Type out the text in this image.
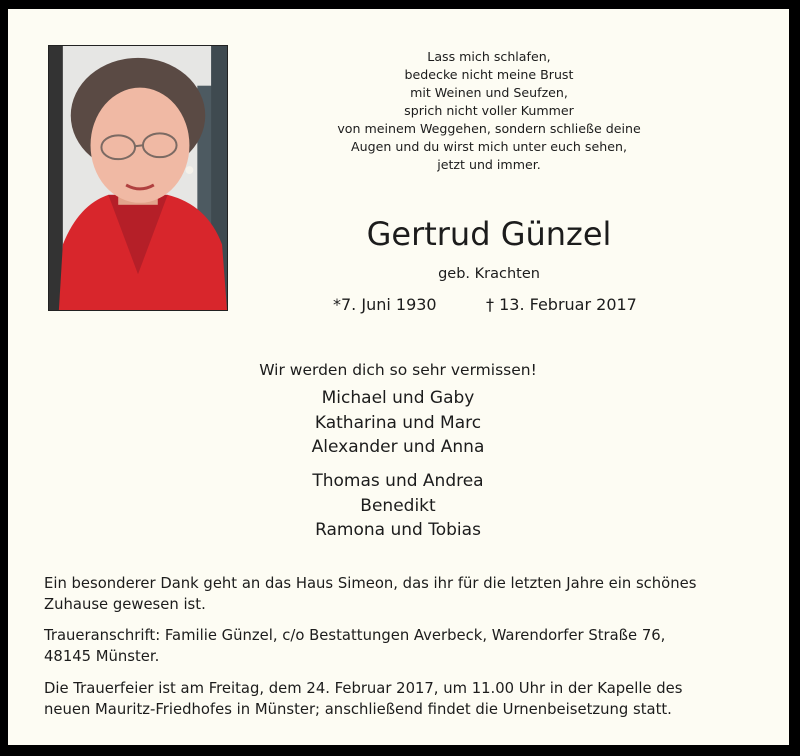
Lass mich schlafen,
bedecke nicht meine Brust
mit Weinen und Seufzen,
sprich nicht voller Kummer
von meinem Weggehen, sondern schließe deine
Augen und du wirst mich unter euch sehen,
jetzt und immer.
Gertrud Günzel
geb. Krachten
*7. Juni 1930	† 13. Februar 2017
Wir werden dich so sehr vermissen!
Michael und Gaby
Katharina und Marc
Alexander und Anna
Thomas und Andrea
Benedikt
Ramona und Tobias
Ein besonderer Dank geht an das Haus Simeon, das ihr für die letzten Jahre ein schönes
Zuhause gewesen ist.
Traueranschrift: Familie Günzel, c/o Bestattungen Averbeck, Warendorfer Straße 76,
48145 Münster.
Die Trauerfeier ist am Freitag, dem 24. Februar 2017, um 11.00 Uhr in der Kapelle des
neuen Mauritz-Friedhofes in Münster; anschließend findet die Urnenbeisetzung statt.
